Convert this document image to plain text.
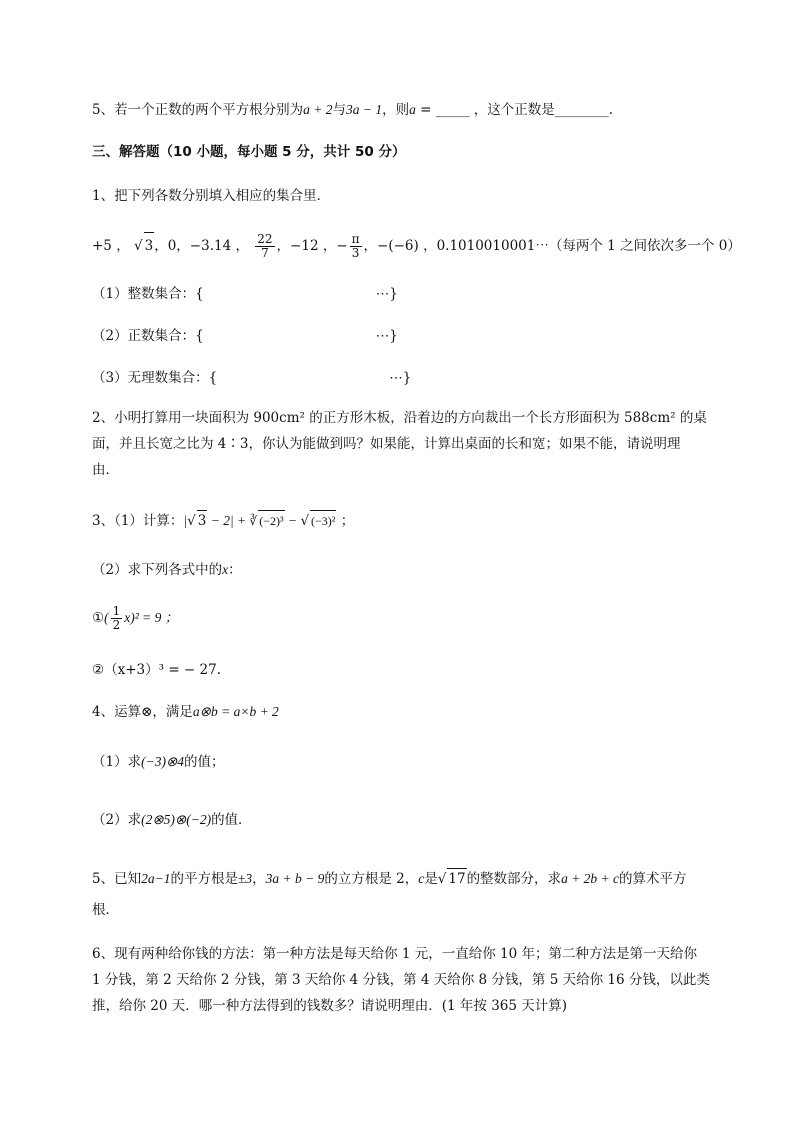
5、若一个正数的两个平方根分别为a + 2与3a − 1，则a = _____ ，这个正数是________.
三、解答题（10 小题，每小题 5 分，共计 50 分）
1、把下列各数分别填入相应的集合里．
+5 ， √ 3，0，−3.14 ， $\frac{22}{7}$ ，−12 ，− $\frac{\pi}{3}$ ，−(−6) ，0.1010010001⋯（每两个 1 之间依次多一个 0）
（1）整数集合：{	⋯}
（2）正数集合：{	⋯}
（3）无理数集合：{	⋯}
2、小明打算用一块面积为 900cm² 的正方形木板，沿着边的方向裁出一个长方形面积为 588cm² 的桌
面，并且长宽之比为 4∶3，你认为能做到吗？如果能，计算出桌面的长和宽；如果不能，请说明理
由．
3、（1）计算：|√ 3 − 2| + ∛ (−2)³ − √ (−3)² ；
（2）求下列各式中的x：
①( $\frac{1}{2} x)^2 = 9$ ；
②（x+3）³ = − 27.
4、运算⊗，满足a⊗b = a×b + 2
（1）求(−3)⊗4的值；
（2）求(2⊗5)⊗(−2)的值．
5、已知2a−1的平方根是±3，3a + b − 9的立方根是 2，c是√ 17的整数部分，求a + 2b + c的算术平方
根．
6、现有两种给你钱的方法：第一种方法是每天给你 1 元，一直给你 10 年；第二种方法是第一天给你
1 分钱，第 2 天给你 2 分钱，第 3 天给你 4 分钱，第 4 天给你 8 分钱，第 5 天给你 16 分钱，以此类
推，给你 20 天．哪一种方法得到的钱数多？请说明理由．(1 年按 365 天计算)
